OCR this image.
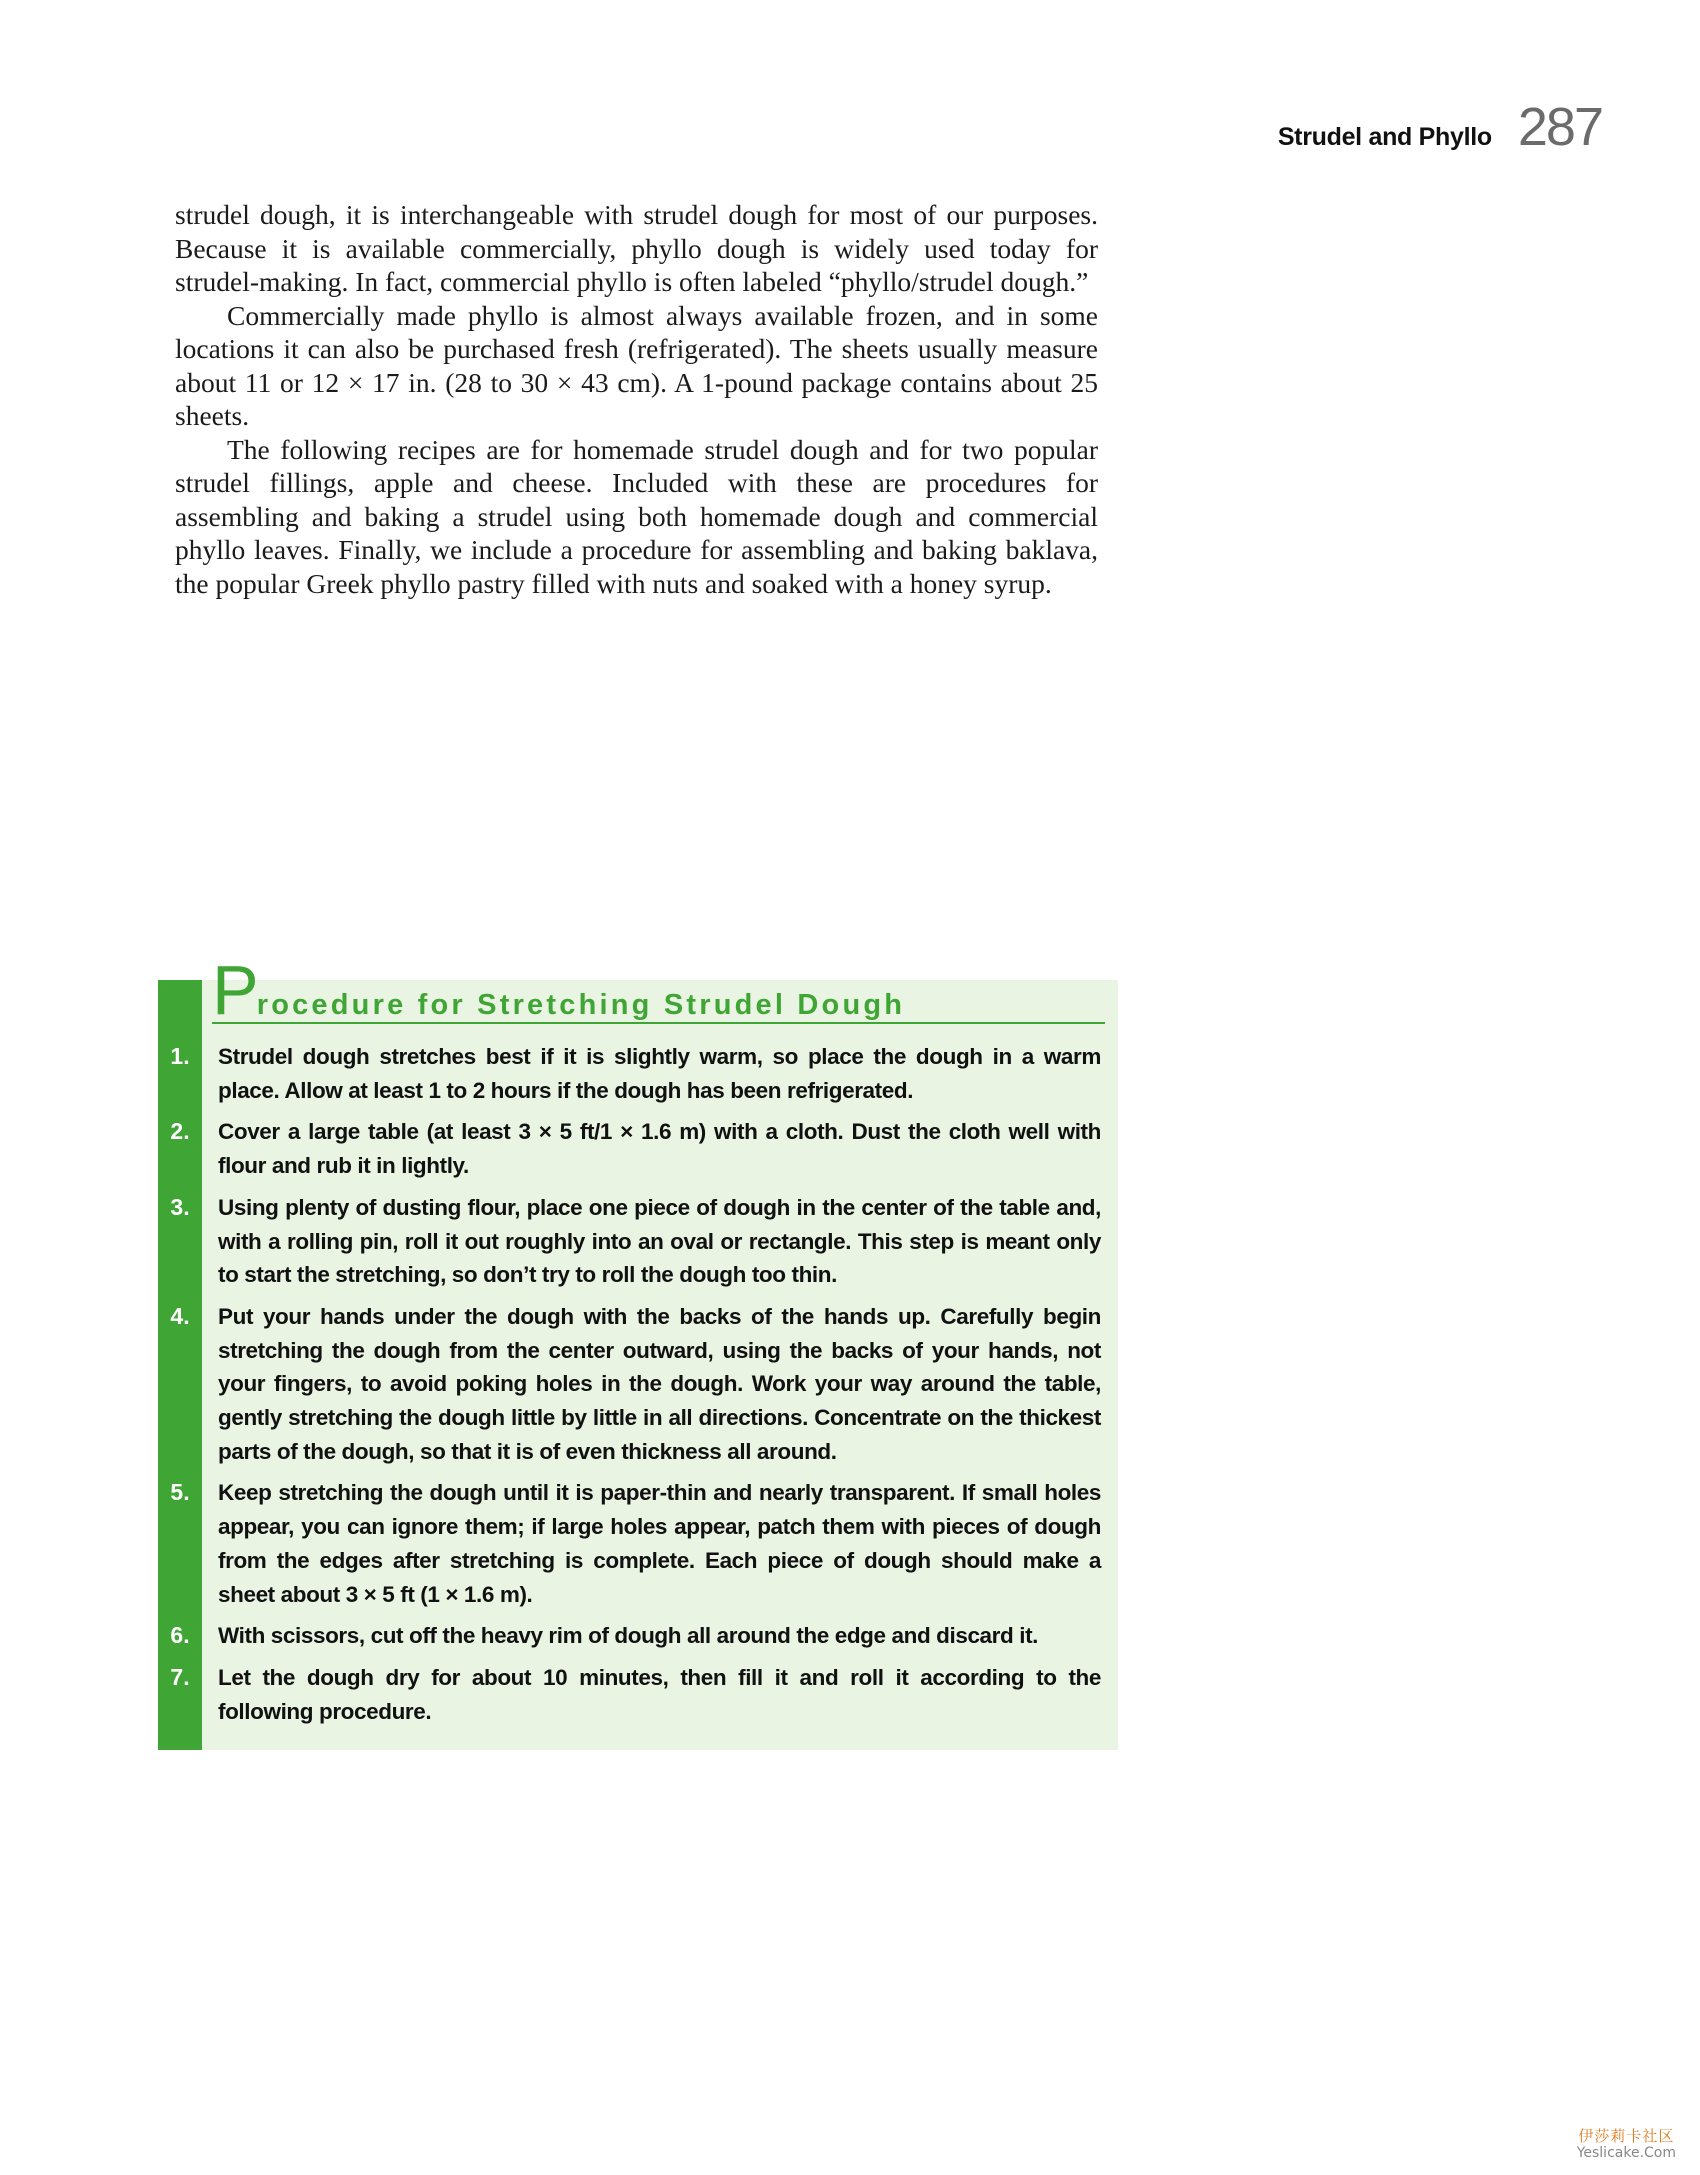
Strudel and Phyllo 287

strudel dough, it is interchangeable with strudel dough for most of our purposes. Because it is available commercially, phyllo dough is widely used today for strudel-making. In fact, commercial phyllo is often labeled “phyllo/strudel dough.”

Commercially made phyllo is almost always available frozen, and in some locations it can also be purchased fresh (refrigerated). The sheets usually measure about 11 or 12 × 17 in. (28 to 30 × 43 cm). A 1-pound package contains about 25 sheets.

The following recipes are for homemade strudel dough and for two popular strudel fillings, apple and cheese. Included with these are procedures for assembling and baking a strudel using both homemade dough and commercial phyllo leaves. Finally, we include a procedure for assembling and baking baklava, the popular Greek phyllo pastry filled with nuts and soaked with a honey syrup.

P rocedure for Stretching Strudel Dough
1.	Strudel dough stretches best if it is slightly warm, so place the dough in a warm place. Allow at least 1 to 2 hours if the dough has been refrigerated.
2.	Cover a large table (at least 3 × 5 ft/1 × 1.6 m) with a cloth. Dust the cloth well with flour and rub it in lightly.
3.	Using plenty of dusting flour, place one piece of dough in the center of the table and, with a rolling pin, roll it out roughly into an oval or rectangle. This step is meant only to start the stretching, so don’t try to roll the dough too thin.
4.	Put your hands under the dough with the backs of the hands up. Carefully begin stretching the dough from the center outward, using the backs of your hands, not your fingers, to avoid poking holes in the dough. Work your way around the table, gently stretching the dough little by little in all directions. Concentrate on the thickest parts of the dough, so that it is of even thickness all around.
5.	Keep stretching the dough until it is paper-thin and nearly transparent. If small holes appear, you can ignore them; if large holes appear, patch them with pieces of dough from the edges after stretching is complete. Each piece of dough should make a sheet about 3 × 5 ft (1 × 1.6 m).
6.	With scissors, cut off the heavy rim of dough all around the edge and discard it.
7.	Let the dough dry for about 10 minutes, then fill it and roll it according to the following procedure.
伊莎莉卡社区
Yeslicake.Com
